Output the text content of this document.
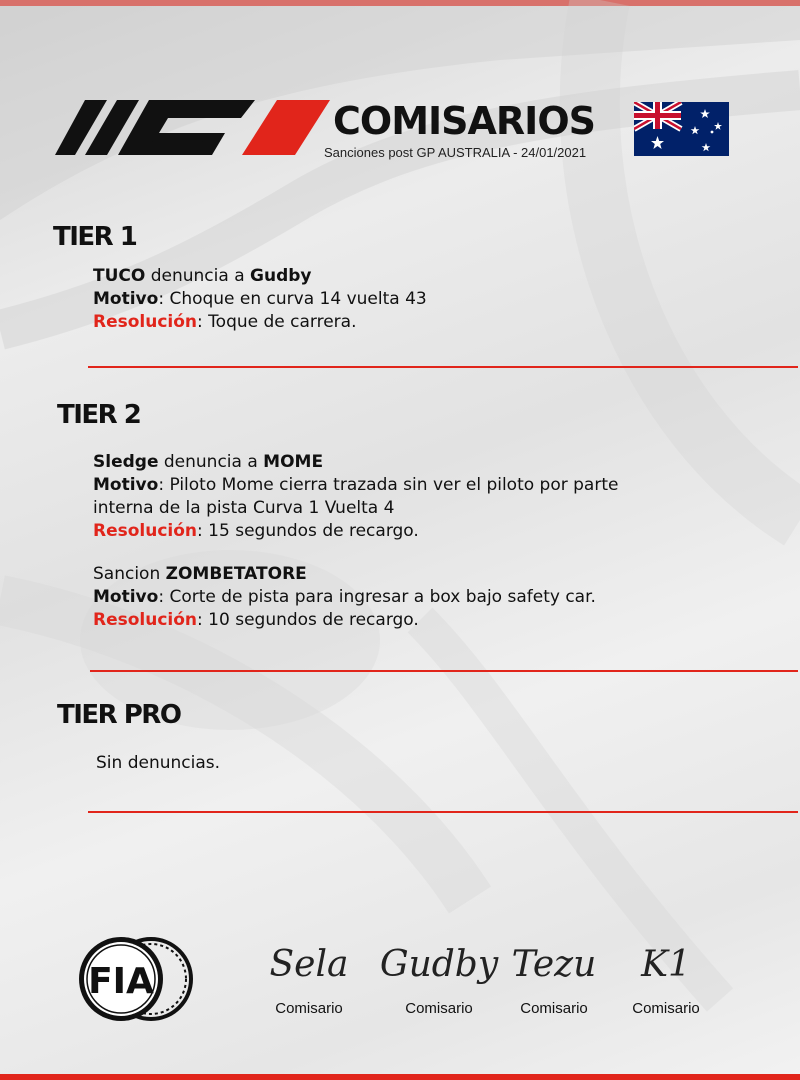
COMISARIOS
Sanciones post GP AUSTRALIA - 24/01/2021
TIER 1
TUCO denuncia a Gudby
Motivo: Choque en curva 14 vuelta 43
Resolución: Toque de carrera.
TIER 2
Sledge denuncia a MOME
Motivo: Piloto Mome cierra trazada sin ver el piloto por parte
interna de la pista Curva 1 Vuelta 4
Resolución: 15 segundos de recargo.
Sancion ZOMBETATORE
Motivo: Corte de pista para ingresar a box bajo safety car.
Resolución: 10 segundos de recargo.
TIER PRO
Sin denuncias.
FIA	Sela
Comisario
Gudby
Comisario
Tezu
Comisario
K1
Comisario
